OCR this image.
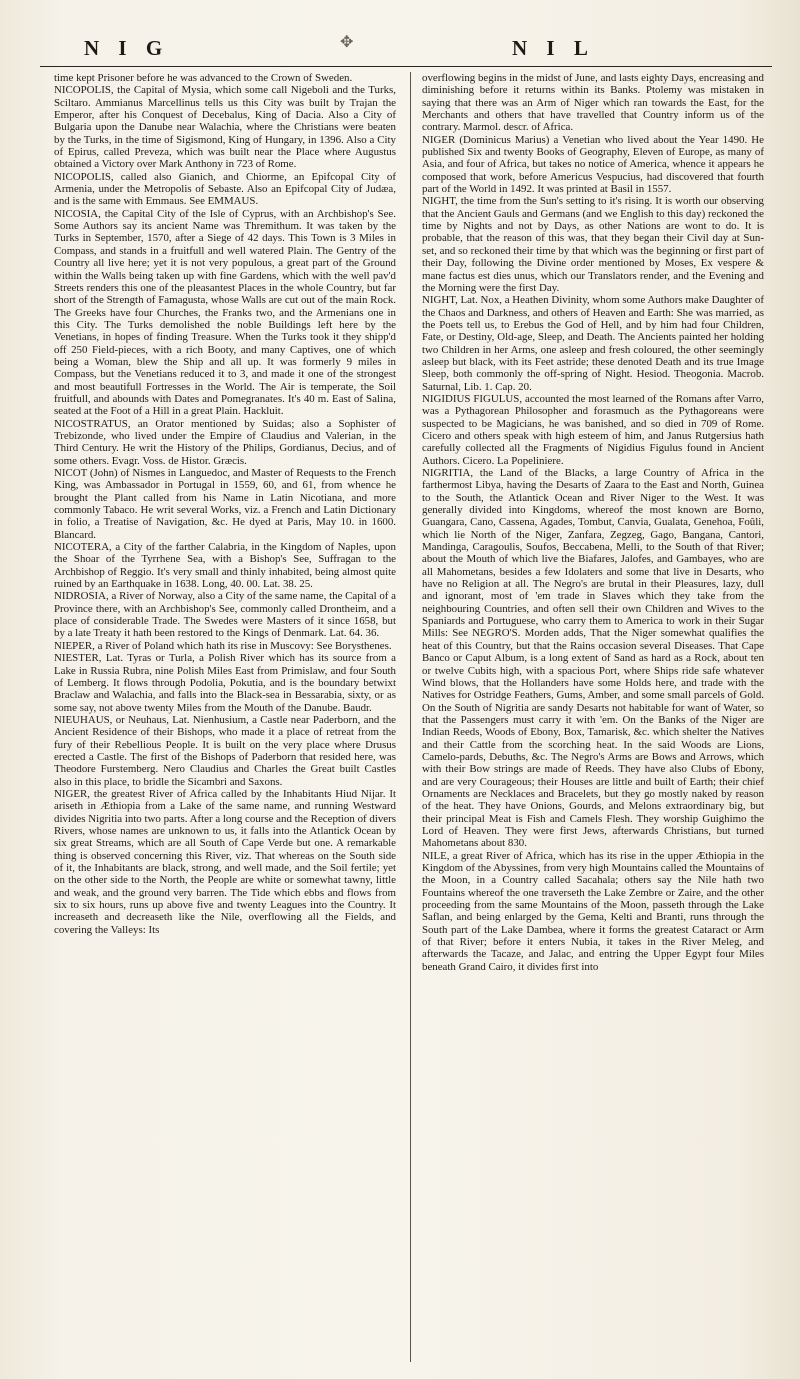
N I G	✥	N I L

time kept Prisoner before he was advanced to the Crown of Sweden.

NICOPOLIS, the Capital of Mysia, which some call Nigeboli and the Turks, Sciltaro. Ammianus Marcellinus tells us this City was built by Trajan the Emperor, after his Conquest of Decebalus, King of Dacia. Also a City of Bulgaria upon the Danube near Walachia, where the Christians were beaten by the Turks, in the time of Sigismond, King of Hungary, in 1396. Also a City of Epirus, called Preveza, which was built near the Place where Augustus obtained a Victory over Mark Anthony in 723 of Rome.

NICOPOLIS, called also Gianich, and Chiorme, an Epifcopal City of Armenia, under the Metropolis of Sebaste. Also an Epifcopal City of Judæa, and is the same with Emmaus. See EMMAUS.

NICOSIA, the Capital City of the Isle of Cyprus, with an Archbishop's See. Some Authors say its ancient Name was Thremithum. It was taken by the Turks in September, 1570, after a Siege of 42 days. This Town is 3 Miles in Compass, and stands in a fruitfull and well watered Plain. The Gentry of the Country all live here; yet it is not very populous, a great part of the Ground within the Walls being taken up with fine Gardens, which with the well pav'd Streets renders this one of the pleasantest Places in the whole Country, but far short of the Strength of Famagusta, whose Walls are cut out of the main Rock. The Greeks have four Churches, the Franks two, and the Armenians one in this City. The Turks demolished the noble Buildings left here by the Venetians, in hopes of finding Treasure. When the Turks took it they shipp'd off 250 Field-pieces, with a rich Booty, and many Captives, one of which being a Woman, blew the Ship and all up. It was formerly 9 miles in Compass, but the Venetians reduced it to 3, and made it one of the strongest and most beautifull Fortresses in the World. The Air is temperate, the Soil fruitfull, and abounds with Dates and Pomegranates. It's 40 m. East of Salina, seated at the Foot of a Hill in a great Plain. Hackluit.

NICOSTRATUS, an Orator mentioned by Suidas; also a Sophister of Trebizonde, who lived under the Empire of Claudius and Valerian, in the Third Century. He writ the History of the Philips, Gordianus, Decius, and of some others. Evagr. Voss. de Histor. Græcis.

NICOT (John) of Nismes in Languedoc, and Master of Requests to the French King, was Ambassador in Portugal in 1559, 60, and 61, from whence he brought the Plant called from his Name in Latin Nicotiana, and more commonly Tabaco. He writ several Works, viz. a French and Latin Dictionary in folio, a Treatise of Navigation, &c. He dyed at Paris, May 10. in 1600. Blancard.

NICOTERA, a City of the farther Calabria, in the Kingdom of Naples, upon the Shoar of the Tyrrhene Sea, with a Bishop's See, Suffragan to the Archbishop of Reggio. It's very small and thinly inhabited, being almost quite ruined by an Earthquake in 1638. Long, 40. 00. Lat. 38. 25.

NIDROSIA, a River of Norway, also a City of the same name, the Capital of a Province there, with an Archbishop's See, commonly called Drontheim, and a place of considerable Trade. The Swedes were Masters of it since 1658, but by a late Treaty it hath been restored to the Kings of Denmark. Lat. 64. 36.

NIEPER, a River of Poland which hath its rise in Muscovy: See Borysthenes.

NIESTER, Lat. Tyras or Turla, a Polish River which has its source from a Lake in Russia Rubra, nine Polish Miles East from Primislaw, and four South of Lemberg. It flows through Podolia, Pokutia, and is the boundary betwixt Braclaw and Walachia, and falls into the Black-sea in Bessarabia, sixty, or as some say, not above twenty Miles from the Mouth of the Danube. Baudr.

NIEUHAUS, or Neuhaus, Lat. Nienhusium, a Castle near Paderborn, and the Ancient Residence of their Bishops, who made it a place of retreat from the fury of their Rebellious People. It is built on the very place where Drusus erected a Castle. The first of the Bishops of Paderborn that resided here, was Theodore Furstemberg. Nero Claudius and Charles the Great built Castles also in this place, to bridle the Sicambri and Saxons.

NIGER, the greatest River of Africa called by the Inhabitants Hiud Nijar. It ariseth in Æthiopia from a Lake of the same name, and running Westward divides Nigritia into two parts. After a long course and the Reception of divers Rivers, whose names are unknown to us, it falls into the Atlantick Ocean by six great Streams, which are all South of Cape Verde but one. A remarkable thing is observed concerning this River, viz. That whereas on the South side of it, the Inhabitants are black, strong, and well made, and the Soil fertile; yet on the other side to the North, the People are white or somewhat tawny, little and weak, and the ground very barren. The Tide which ebbs and flows from six to six hours, runs up above five and twenty Leagues into the Country. It increaseth and decreaseth like the Nile, overflowing all the Fields, and covering the Valleys: Its

overflowing begins in the midst of June, and lasts eighty Days, encreasing and diminishing before it returns within its Banks. Ptolemy was mistaken in saying that there was an Arm of Niger which ran towards the East, for the Merchants and others that have travelled that Country inform us of the contrary. Marmol. descr. of Africa.

NIGER (Dominicus Marius) a Venetian who lived about the Year 1490. He published Six and twenty Books of Geography, Eleven of Europe, as many of Asia, and four of Africa, but takes no notice of America, whence it appears he composed that work, before Americus Vespucius, had discovered that fourth part of the World in 1492. It was printed at Basil in 1557.

NIGHT, the time from the Sun's setting to it's rising. It is worth our observing that the Ancient Gauls and Germans (and we English to this day) reckoned the time by Nights and not by Days, as other Nations are wont to do. It is probable, that the reason of this was, that they began their Civil day at Sun-set, and so reckoned their time by that which was the beginning or first part of their Day, following the Divine order mentioned by Moses, Ex vespere & mane factus est dies unus, which our Translators render, and the Evening and the Morning were the first Day.

NIGHT, Lat. Nox, a Heathen Divinity, whom some Authors make Daughter of the Chaos and Darkness, and others of Heaven and Earth: She was married, as the Poets tell us, to Erebus the God of Hell, and by him had four Children, Fate, or Destiny, Old-age, Sleep, and Death. The Ancients painted her holding two Children in her Arms, one asleep and fresh coloured, the other seemingly asleep but black, with its Feet astride; these denoted Death and its true Image Sleep, both commonly the off-spring of Night. Hesiod. Theogonia. Macrob. Saturnal, Lib. 1. Cap. 20.

NIGIDIUS FIGULUS, accounted the most learned of the Romans after Varro, was a Pythagorean Philosopher and forasmuch as the Pythagoreans were suspected to be Magicians, he was banished, and so died in 709 of Rome. Cicero and others speak with high esteem of him, and Janus Rutgersius hath carefully collected all the Fragments of Nigidius Figulus found in Ancient Authors. Cicero. La Popeliniere.

NIGRITIA, the Land of the Blacks, a large Country of Africa in the farthermost Libya, having the Desarts of Zaara to the East and North, Guinea to the South, the Atlantick Ocean and River Niger to the West. It was generally divided into Kingdoms, whereof the most known are Borno, Guangara, Cano, Cassena, Agades, Tombut, Canvia, Gualata, Genehoa, Foûli, which lie North of the Niger, Zanfara, Zegzeg, Gago, Bangana, Cantori, Mandinga, Caragoulis, Soufos, Beccabena, Melli, to the South of that River; about the Mouth of which live the Biafares, Jalofes, and Gambayes, who are all Mahometans, besides a few Idolaters and some that live in Desarts, who have no Religion at all. The Negro's are brutal in their Pleasures, lazy, dull and ignorant, most of 'em trade in Slaves which they take from the neighbouring Countries, and often sell their own Children and Wives to the Spaniards and Portuguese, who carry them to America to work in their Sugar Mills: See NEGRO'S. Morden adds, That the Niger somewhat qualifies the heat of this Country, but that the Rains occasion several Diseases. That Cape Banco or Caput Album, is a long extent of Sand as hard as a Rock, about ten or twelve Cubits high, with a spacious Port, where Ships ride safe whatever Wind blows, that the Hollanders have some Holds here, and trade with the Natives for Ostridge Feathers, Gums, Amber, and some small parcels of Gold. On the South of Nigritia are sandy Desarts not habitable for want of Water, so that the Passengers must carry it with 'em. On the Banks of the Niger are Indian Reeds, Woods of Ebony, Box, Tamarisk, &c. which shelter the Natives and their Cattle from the scorching heat. In the said Woods are Lions, Camelo-pards, Debuths, &c. The Negro's Arms are Bows and Arrows, which with their Bow strings are made of Reeds. They have also Clubs of Ebony, and are very Courageous; their Houses are little and built of Earth; their chief Ornaments are Necklaces and Bracelets, but they go mostly naked by reason of the heat. They have Onions, Gourds, and Melons extraordinary big, but their principal Meat is Fish and Camels Flesh. They worship Guighimo the Lord of Heaven. They were first Jews, afterwards Christians, but turned Mahometans about 830.

NILE, a great River of Africa, which has its rise in the upper Æthiopia in the Kingdom of the Abyssines, from very high Mountains called the Mountains of the Moon, in a Country called Sacahala; others say the Nile hath two Fountains whereof the one traverseth the Lake Zembre or Zaire, and the other proceeding from the same Mountains of the Moon, passeth through the Lake Saflan, and being enlarged by the Gema, Kelti and Branti, runs through the South part of the Lake Dambea, where it forms the greatest Cataract or Arm of that River; before it enters Nubia, it takes in the River Meleg, and afterwards the Tacaze, and Jalac, and entring the Upper Egypt four Miles beneath Grand Cairo, it divides first into
